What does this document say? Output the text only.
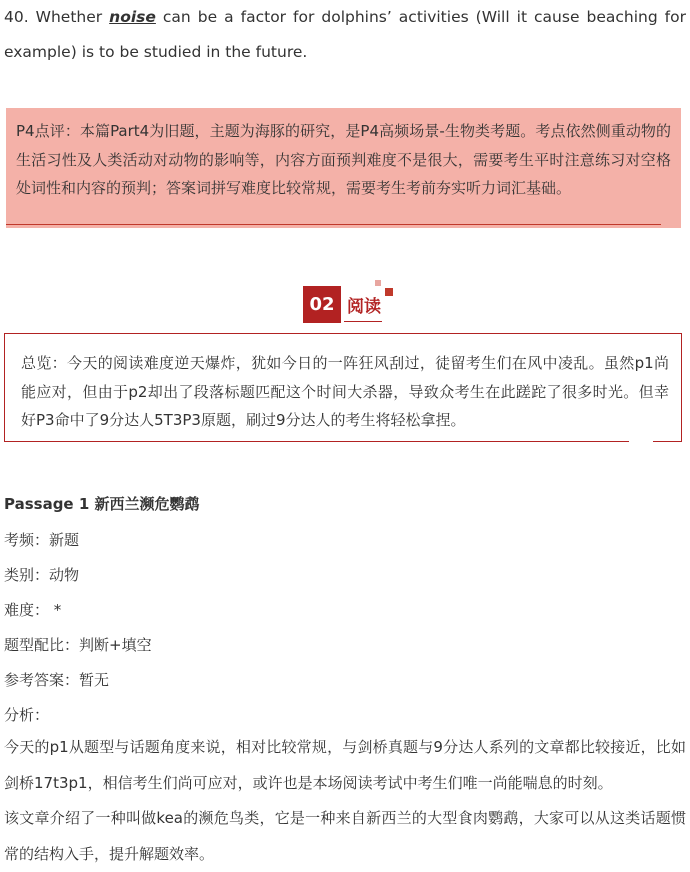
40. Whether noise can be a factor for dolphins’ activities (Will it cause beaching for example) is to be studied in the future.
P4点评：本篇Part4为旧题，主题为海豚的研究，是P4高频场景-生物类考题。考点依然侧重动物的生活习性及人类活动对动物的影响等，内容方面预判难度不是很大，需要考生平时注意练习对空格处词性和内容的预判；答案词拼写难度比较常规，需要考生考前夯实听力词汇基础。
02 阅读
总览：今天的阅读难度逆天爆炸，犹如今日的一阵狂风刮过，徒留考生们在风中凌乱。虽然p1尚能应对，但由于p2却出了段落标题匹配这个时间大杀器，导致众考生在此蹉跎了很多时光。但幸好P3命中了9分达人5T3P3原题，刷过9分达人的考生将轻松拿捏。
Passage 1 新西兰濒危鹦鹉
考频：新题
类别：动物
难度： *
题型配比：判断+填空
参考答案：暂无
分析：
今天的p1从题型与话题角度来说，相对比较常规，与剑桥真题与9分达人系列的文章都比较接近，比如剑桥17t3p1，相信考生们尚可应对，或许也是本场阅读考试中考生们唯一尚能喘息的时刻。
该文章介绍了一种叫做kea的濒危鸟类，它是一种来自新西兰的大型食肉鹦鹉，大家可以从这类话题惯常的结构入手，提升解题效率。
